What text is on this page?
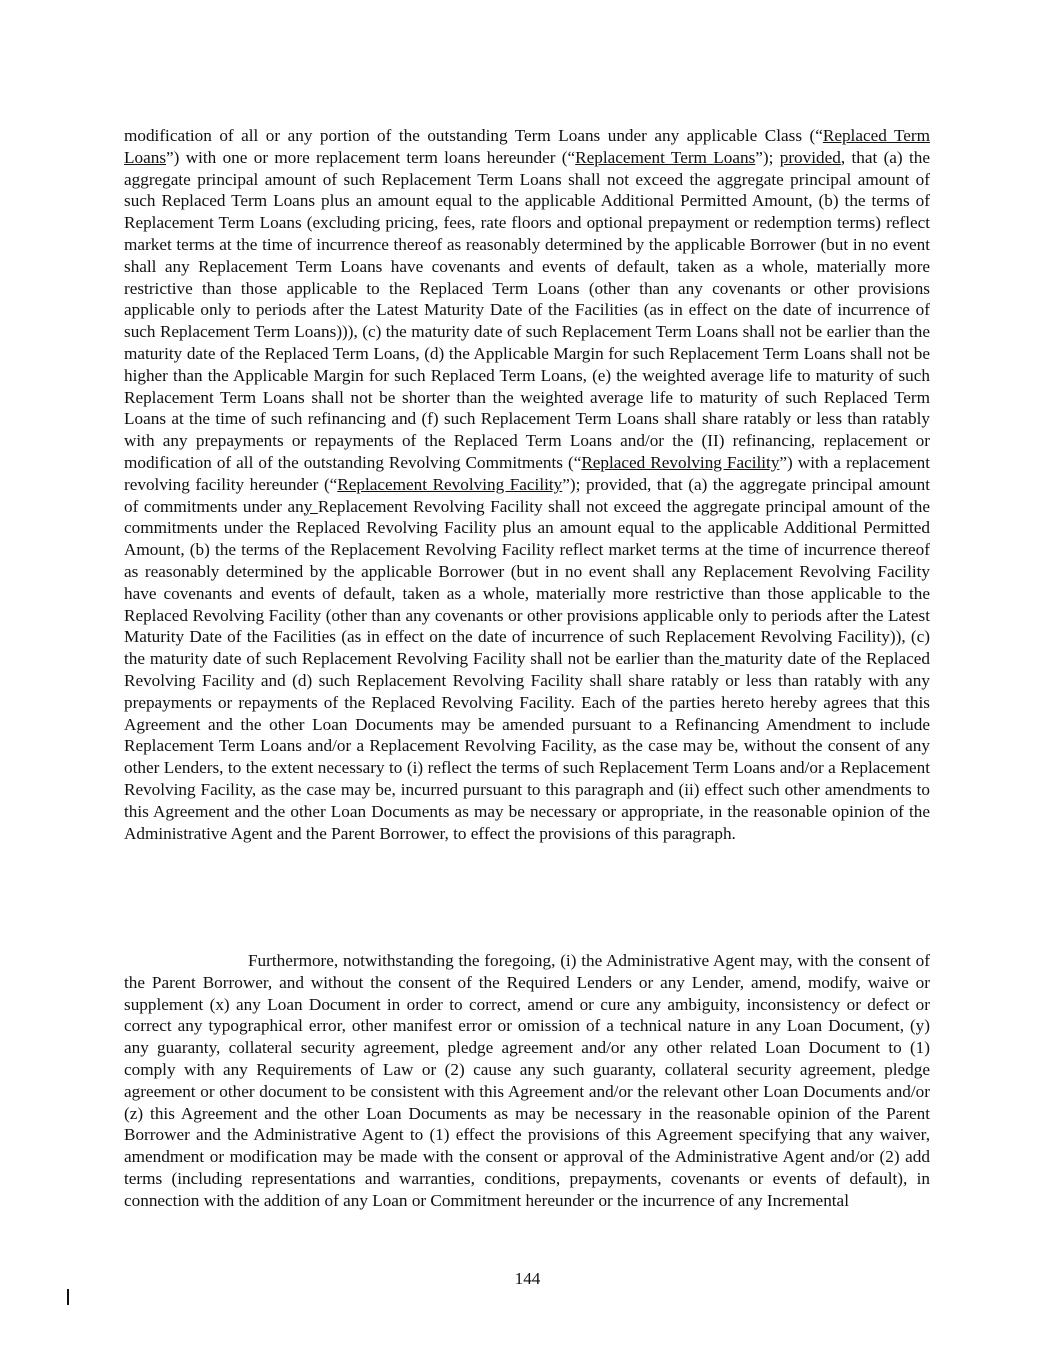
modification of all or any portion of the outstanding Term Loans under any applicable Class (“Replaced Term Loans”) with one or more replacement term loans hereunder (“Replacement Term Loans”); provided, that (a) the aggregate principal amount of such Replacement Term Loans shall not exceed the aggregate principal amount of such Replaced Term Loans plus an amount equal to the applicable Additional Permitted Amount, (b) the terms of Replacement Term Loans (excluding pricing, fees, rate floors and optional prepayment or redemption terms) reflect market terms at the time of incurrence thereof as reasonably determined by the applicable Borrower (but in no event shall any Replacement Term Loans have covenants and events of default, taken as a whole, materially more restrictive than those applicable to the Replaced Term Loans (other than any covenants or other provisions applicable only to periods after the Latest Maturity Date of the Facilities (as in effect on the date of incurrence of such Replacement Term Loans))), (c) the maturity date of such Replacement Term Loans shall not be earlier than the maturity date of the Replaced Term Loans, (d) the Applicable Margin for such Replacement Term Loans shall not be higher than the Applicable Margin for such Replaced Term Loans, (e) the weighted average life to maturity of such Replacement Term Loans shall not be shorter than the weighted average life to maturity of such Replaced Term Loans at the time of such refinancing and (f) such Replacement Term Loans shall share ratably or less than ratably with any prepayments or repayments of the Replaced Term Loans and/or the (II) refinancing, replacement or modification of all of the outstanding Revolving Commitments (“Replaced Revolving Facility”) with a replacement revolving facility hereunder (“Replacement Revolving Facility”); provided, that (a) the aggregate principal amount of commitments under any Replacement Revolving Facility shall not exceed the aggregate principal amount of the commitments under the Replaced Revolving Facility plus an amount equal to the applicable Additional Permitted Amount, (b) the terms of the Replacement Revolving Facility reflect market terms at the time of incurrence thereof as reasonably determined by the applicable Borrower (but in no event shall any Replacement Revolving Facility have covenants and events of default, taken as a whole, materially more restrictive than those applicable to the Replaced Revolving Facility (other than any covenants or other provisions applicable only to periods after the Latest Maturity Date of the Facilities (as in effect on the date of incurrence of such Replacement Revolving Facility)), (c) the maturity date of such Replacement Revolving Facility shall not be earlier than the maturity date of the Replaced Revolving Facility and (d) such Replacement Revolving Facility shall share ratably or less than ratably with any prepayments or repayments of the Replaced Revolving Facility. Each of the parties hereto hereby agrees that this Agreement and the other Loan Documents may be amended pursuant to a Refinancing Amendment to include Replacement Term Loans and/or a Replacement Revolving Facility, as the case may be, without the consent of any other Lenders, to the extent necessary to (i) reflect the terms of such Replacement Term Loans and/or a Replacement Revolving Facility, as the case may be, incurred pursuant to this paragraph and (ii) effect such other amendments to this Agreement and the other Loan Documents as may be necessary or appropriate, in the reasonable opinion of the Administrative Agent and the Parent Borrower, to effect the provisions of this paragraph.

Furthermore, notwithstanding the foregoing, (i) the Administrative Agent may, with the consent of the Parent Borrower, and without the consent of the Required Lenders or any Lender, amend, modify, waive or supplement (x) any Loan Document in order to correct, amend or cure any ambiguity, inconsistency or defect or correct any typographical error, other manifest error or omission of a technical nature in any Loan Document, (y) any guaranty, collateral security agreement, pledge agreement and/or any other related Loan Document to (1) comply with any Requirements of Law or (2) cause any such guaranty, collateral security agreement, pledge agreement or other document to be consistent with this Agreement and/or the relevant other Loan Documents and/or (z) this Agreement and the other Loan Documents as may be necessary in the reasonable opinion of the Parent Borrower and the Administrative Agent to (1) effect the provisions of this Agreement specifying that any waiver, amendment or modification may be made with the consent or approval of the Administrative Agent and/or (2) add terms (including representations and warranties, conditions, prepayments, covenants or events of default), in connection with the addition of any Loan or Commitment hereunder or the incurrence of any Incremental

144
